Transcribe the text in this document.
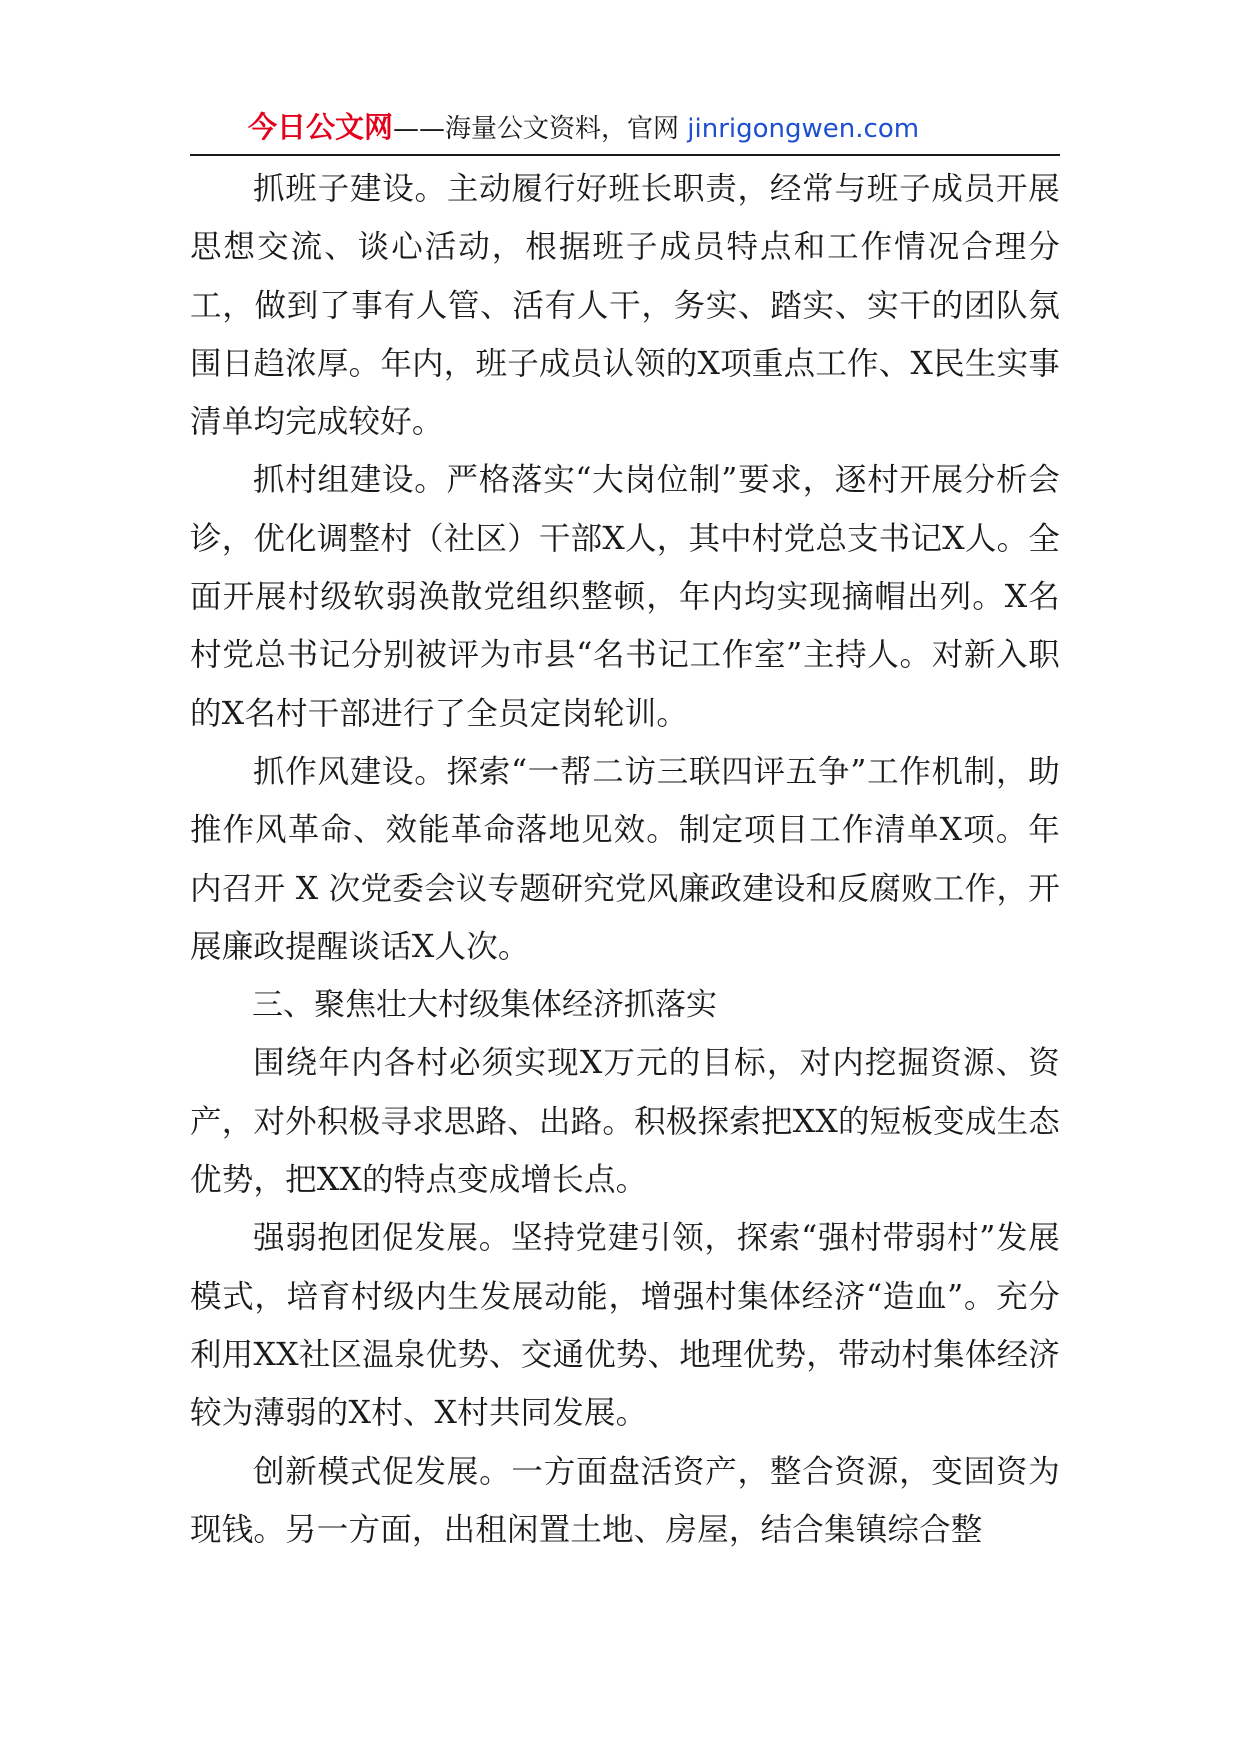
今日公文网——海量公文资料，官网 jinrigongwen.com

抓班子建设。主动履行好班长职责，经常与班子成员开展思想交流、谈心活动，根据班子成员特点和工作情况合理分工，做到了事有人管、活有人干，务实、踏实、实干的团队氛围日趋浓厚。年内，班子成员认领的X项重点工作、X民生实事清单均完成较好。

抓村组建设。严格落实“大岗位制”要求，逐村开展分析会诊，优化调整村（社区）干部X人，其中村党总支书记X人。全面开展村级软弱涣散党组织整顿，年内均实现摘帽出列。X名村党总书记分别被评为市县“名书记工作室”主持人。对新入职的X名村干部进行了全员定岗轮训。

抓作风建设。探索“一帮二访三联四评五争”工作机制，助推作风革命、效能革命落地见效。制定项目工作清单X项。年内召开 X 次党委会议专题研究党风廉政建设和反腐败工作，开展廉政提醒谈话X人次。

三、聚焦壮大村级集体经济抓落实

围绕年内各村必须实现X万元的目标，对内挖掘资源、资产，对外积极寻求思路、出路。积极探索把XX的短板变成生态优势，把XX的特点变成增长点。

强弱抱团促发展。坚持党建引领，探索“强村带弱村”发展模式，培育村级内生发展动能，增强村集体经济“造血”。充分利用XX社区温泉优势、交通优势、地理优势，带动村集体经济较为薄弱的X村、X村共同发展。

创新模式促发展。一方面盘活资产，整合资源，变固资为现钱。另一方面，出租闲置土地、房屋，结合集镇综合整
